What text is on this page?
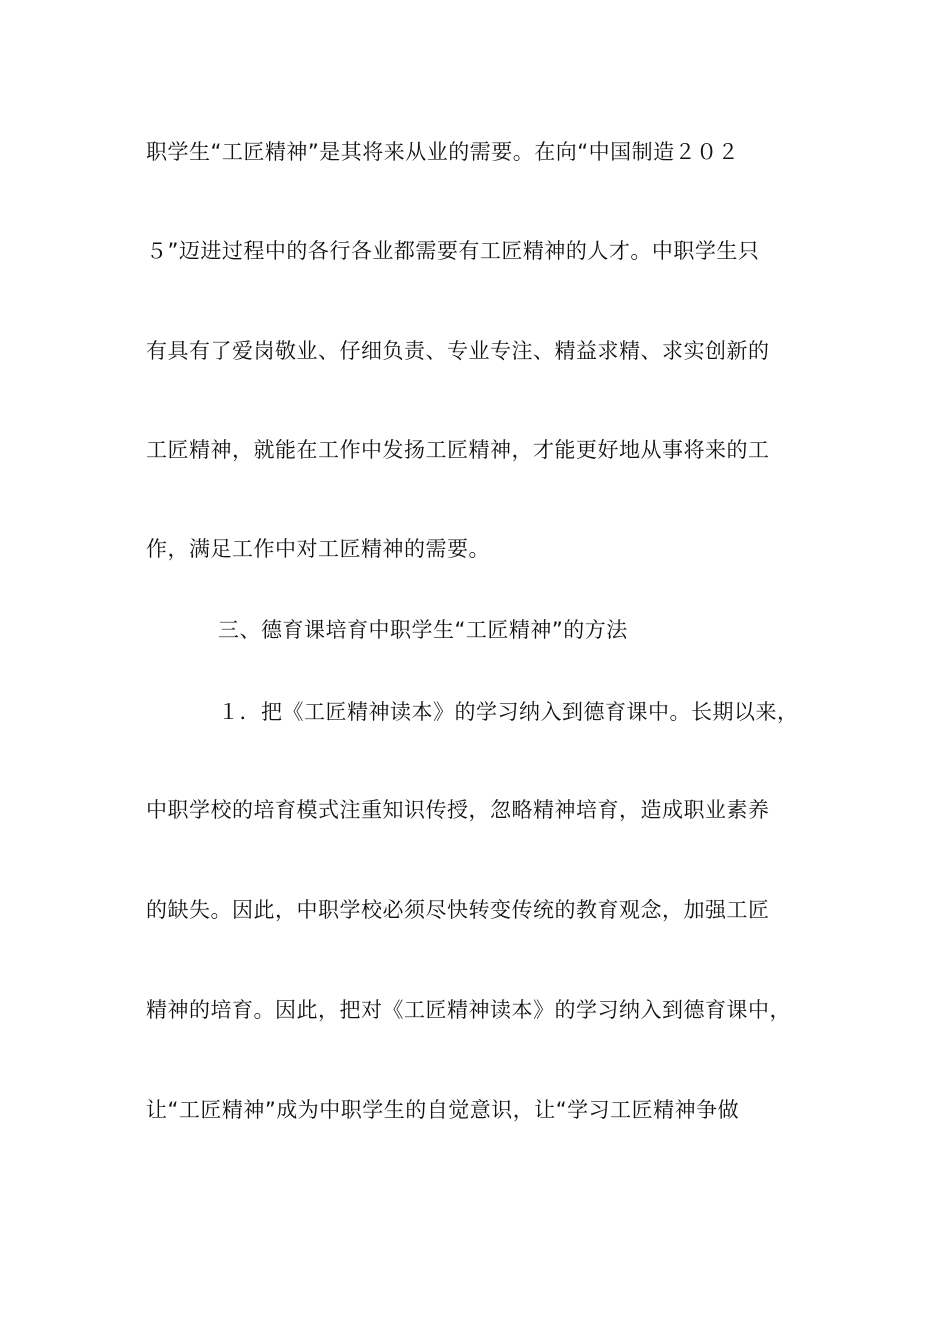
职学生“工匠精神”是其将来从业的需要。在向“中国制造２０２
５”迈进过程中的各行各业都需要有工匠精神的人才。中职学生只
有具有了爱岗敬业、仔细负责、专业专注、精益求精、求实创新的
工匠精神，就能在工作中发扬工匠精神，才能更好地从事将来的工
作，满足工作中对工匠精神的需要。
三、德育课培育中职学生“工匠精神”的方法
１．把《工匠精神读本》的学习纳入到德育课中。长期以来，
中职学校的培育模式注重知识传授，忽略精神培育，造成职业素养
的缺失。因此，中职学校必须尽快转变传统的教育观念，加强工匠
精神的培育。因此，把对《工匠精神读本》的学习纳入到德育课中，
让“工匠精神”成为中职学生的自觉意识，让“学习工匠精神争做
